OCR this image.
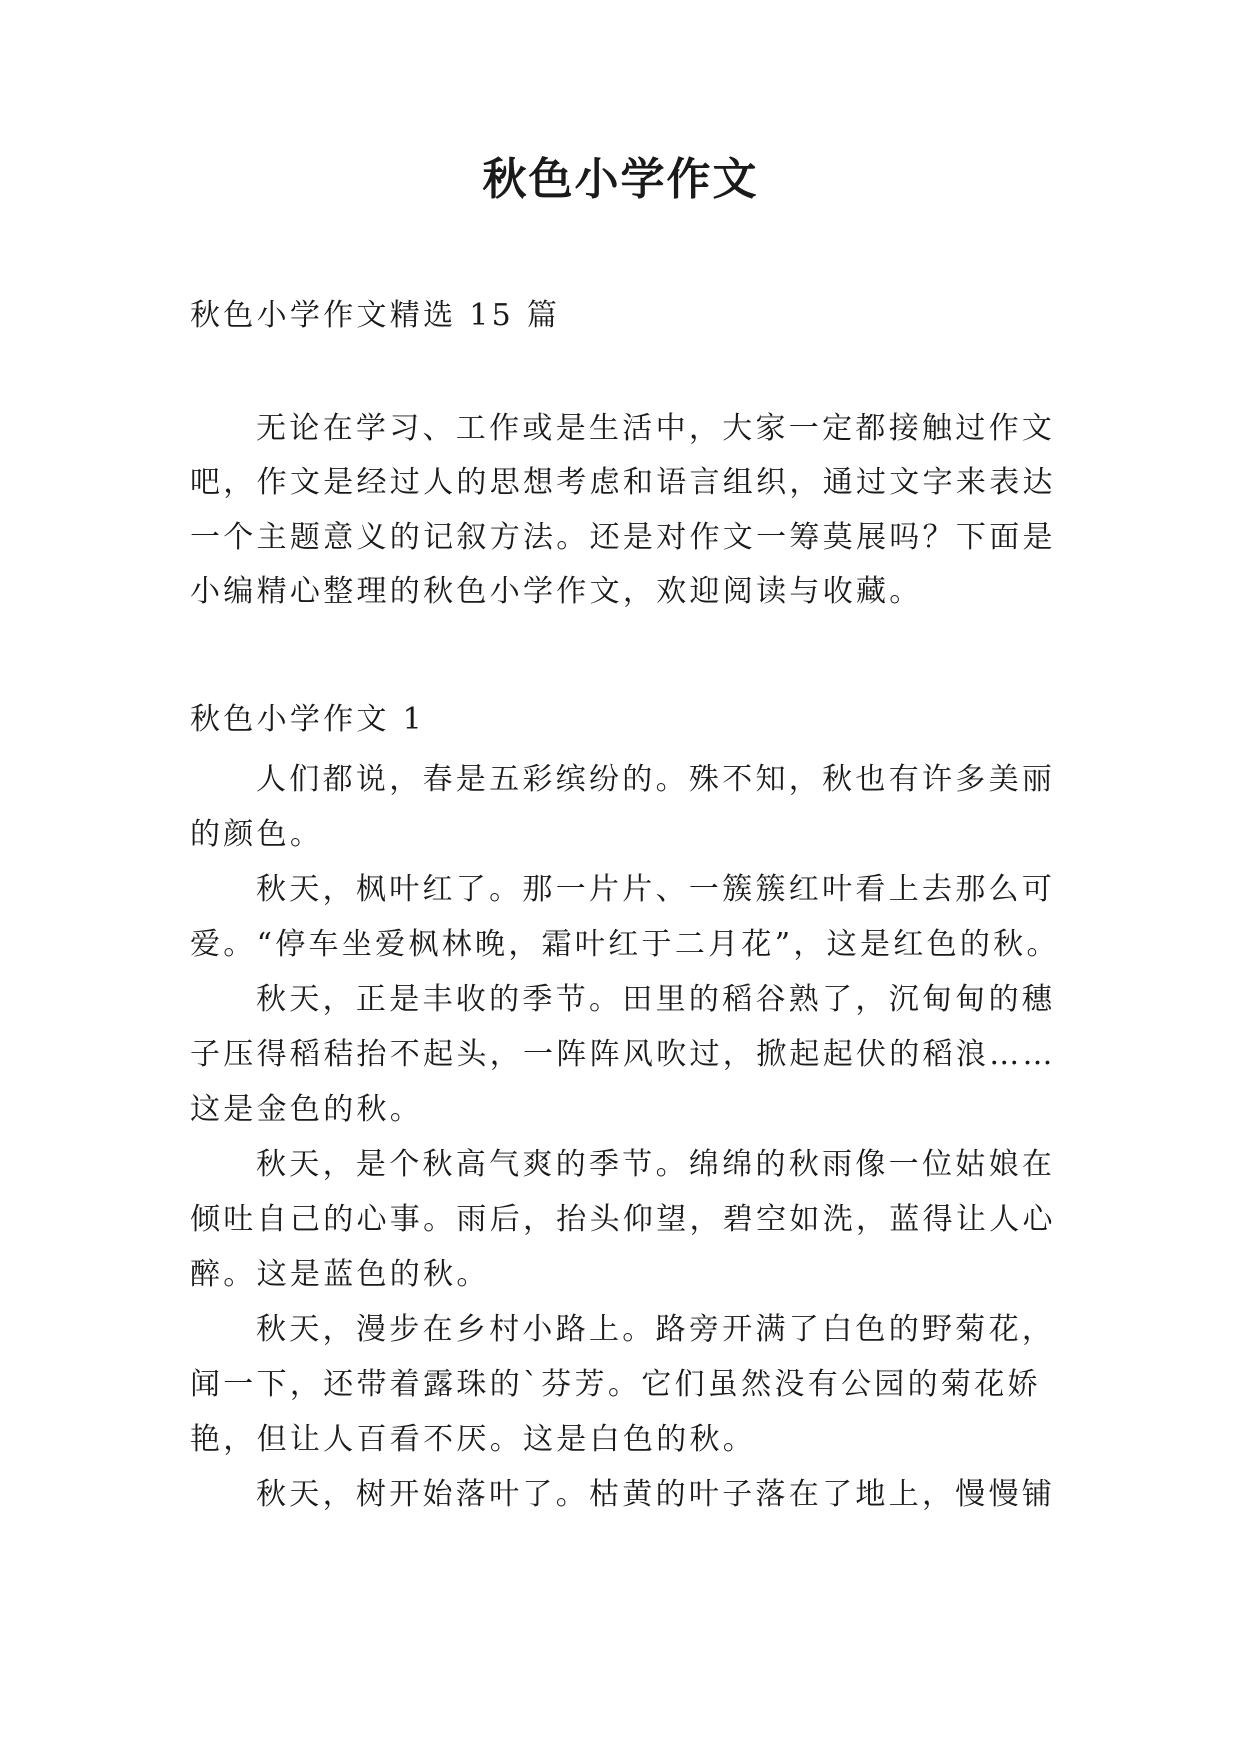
秋色小学作文
秋色小学作文精选 15 篇
无论在学习、工作或是生活中，大家一定都接触过作文
吧，作文是经过人的思想考虑和语言组织，通过文字来表达
一个主题意义的记叙方法。还是对作文一筹莫展吗？下面是
小编精心整理的秋色小学作文，欢迎阅读与收藏。
秋色小学作文 1
人们都说，春是五彩缤纷的。殊不知，秋也有许多美丽
的颜色。
秋天，枫叶红了。那一片片、一簇簇红叶看上去那么可
爱。“停车坐爱枫林晚，霜叶红于二月花”，这是红色的秋。
秋天，正是丰收的季节。田里的稻谷熟了，沉甸甸的穗
子压得稻秸抬不起头，一阵阵风吹过，掀起起伏的稻浪……
这是金色的秋。
秋天，是个秋高气爽的季节。绵绵的秋雨像一位姑娘在
倾吐自己的心事。雨后，抬头仰望，碧空如洗，蓝得让人心
醉。这是蓝色的秋。
秋天，漫步在乡村小路上。路旁开满了白色的野菊花，
闻一下，还带着露珠的`芬芳。它们虽然没有公园的菊花娇
艳，但让人百看不厌。这是白色的秋。
秋天，树开始落叶了。枯黄的叶子落在了地上，慢慢铺
